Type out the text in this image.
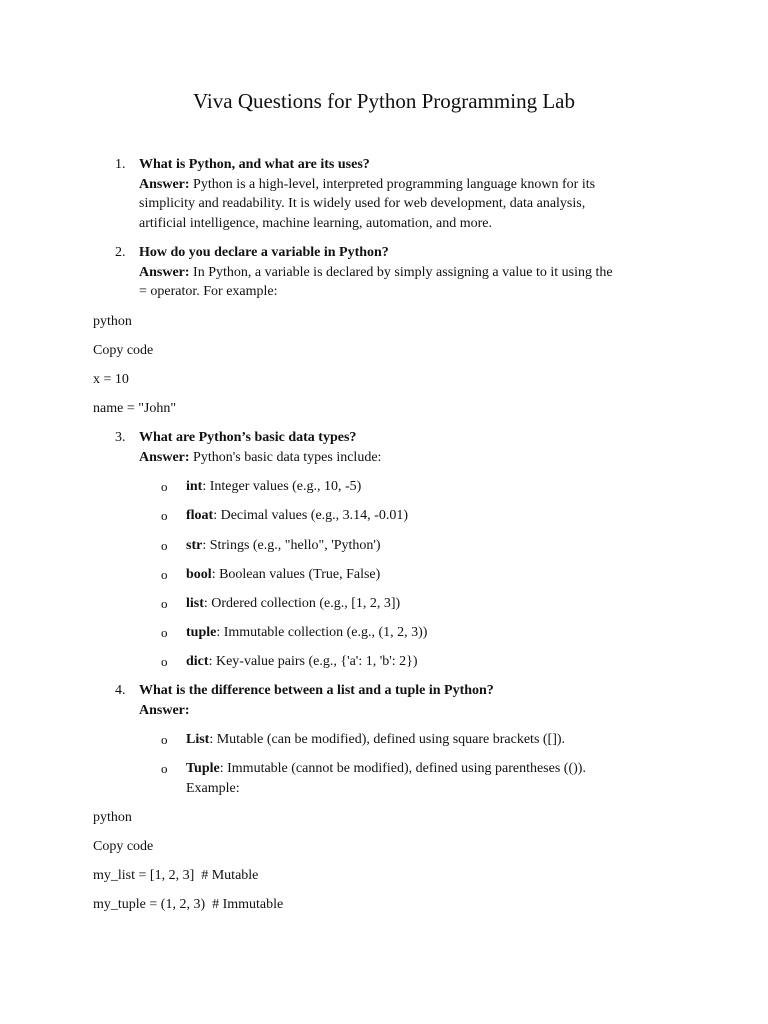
Viva Questions for Python Programming Lab
1. What is Python, and what are its uses?
Answer: Python is a high-level, interpreted programming language known for its
simplicity and readability. It is widely used for web development, data analysis,
artificial intelligence, machine learning, automation, and more.
2. How do you declare a variable in Python?
Answer: In Python, a variable is declared by simply assigning a value to it using the
= operator. For example:
python
Copy code
x = 10
name = "John"
3. What are Python’s basic data types?
Answer: Python's basic data types include:
o int: Integer values (e.g., 10, -5)
o float: Decimal values (e.g., 3.14, -0.01)
o str: Strings (e.g., "hello", 'Python')
o bool: Boolean values (True, False)
o list: Ordered collection (e.g., [1, 2, 3])
o tuple: Immutable collection (e.g., (1, 2, 3))
o dict: Key-value pairs (e.g., {'a': 1, 'b': 2})
4. What is the difference between a list and a tuple in Python?
Answer:
o List: Mutable (can be modified), defined using square brackets ([]).
o Tuple: Immutable (cannot be modified), defined using parentheses (()).
Example:
python
Copy code
my_list = [1, 2, 3]  # Mutable
my_tuple = (1, 2, 3)  # Immutable
